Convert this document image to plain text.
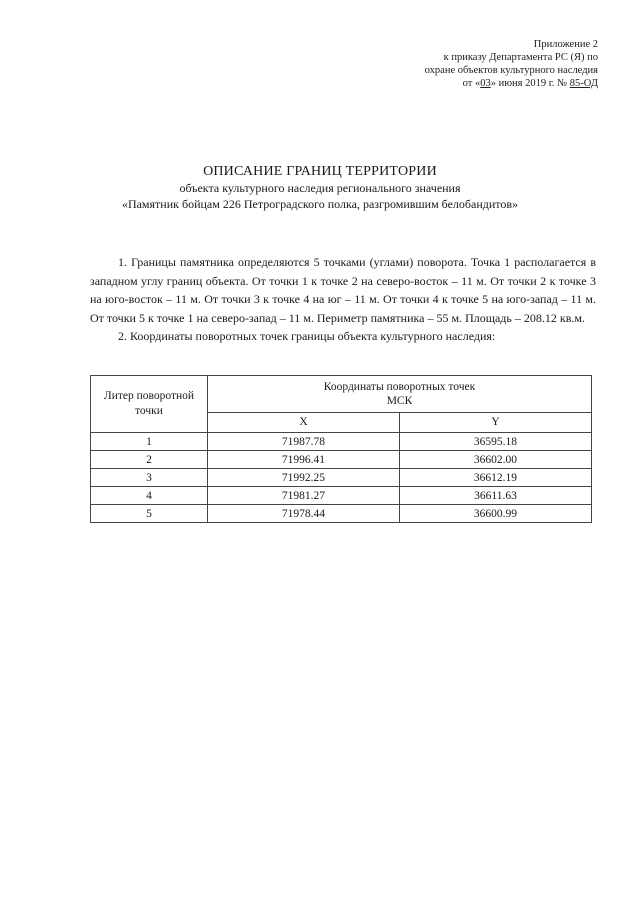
Приложение 2
к приказу Департамента РС (Я) по
охране объектов культурного наследия
от «03» июня 2019 г. № 85-ОД
ОПИСАНИЕ ГРАНИЦ ТЕРРИТОРИИ
объекта культурного наследия регионального значения
«Памятник бойцам 226 Петроградского полка, разгромившим белобандитов»

1. Границы памятника определяются 5 точками (углами) поворота. Точка 1 располагается в западном углу границ объекта. От точки 1 к точке 2 на северо-восток – 11 м. От точки 2 к точке 3 на юго-восток – 11 м. От точки 3 к точке 4 на юг – 11 м. От точки 4 к точке 5 на юго-запад – 11 м. От точки 5 к точке 1 на северо-запад – 11 м. Периметр памятника – 55 м. Площадь – 208.12 кв.м.

2. Координаты поворотных точек границы объекта культурного наследия:

Литер поворотной точки	Координаты поворотных точек
МСК	

	X	Y
1	71987.78	36595.18
2	71996.41	36602.00
3	71992.25	36612.19
4	71981.27	36611.63
5	71978.44	36600.99
